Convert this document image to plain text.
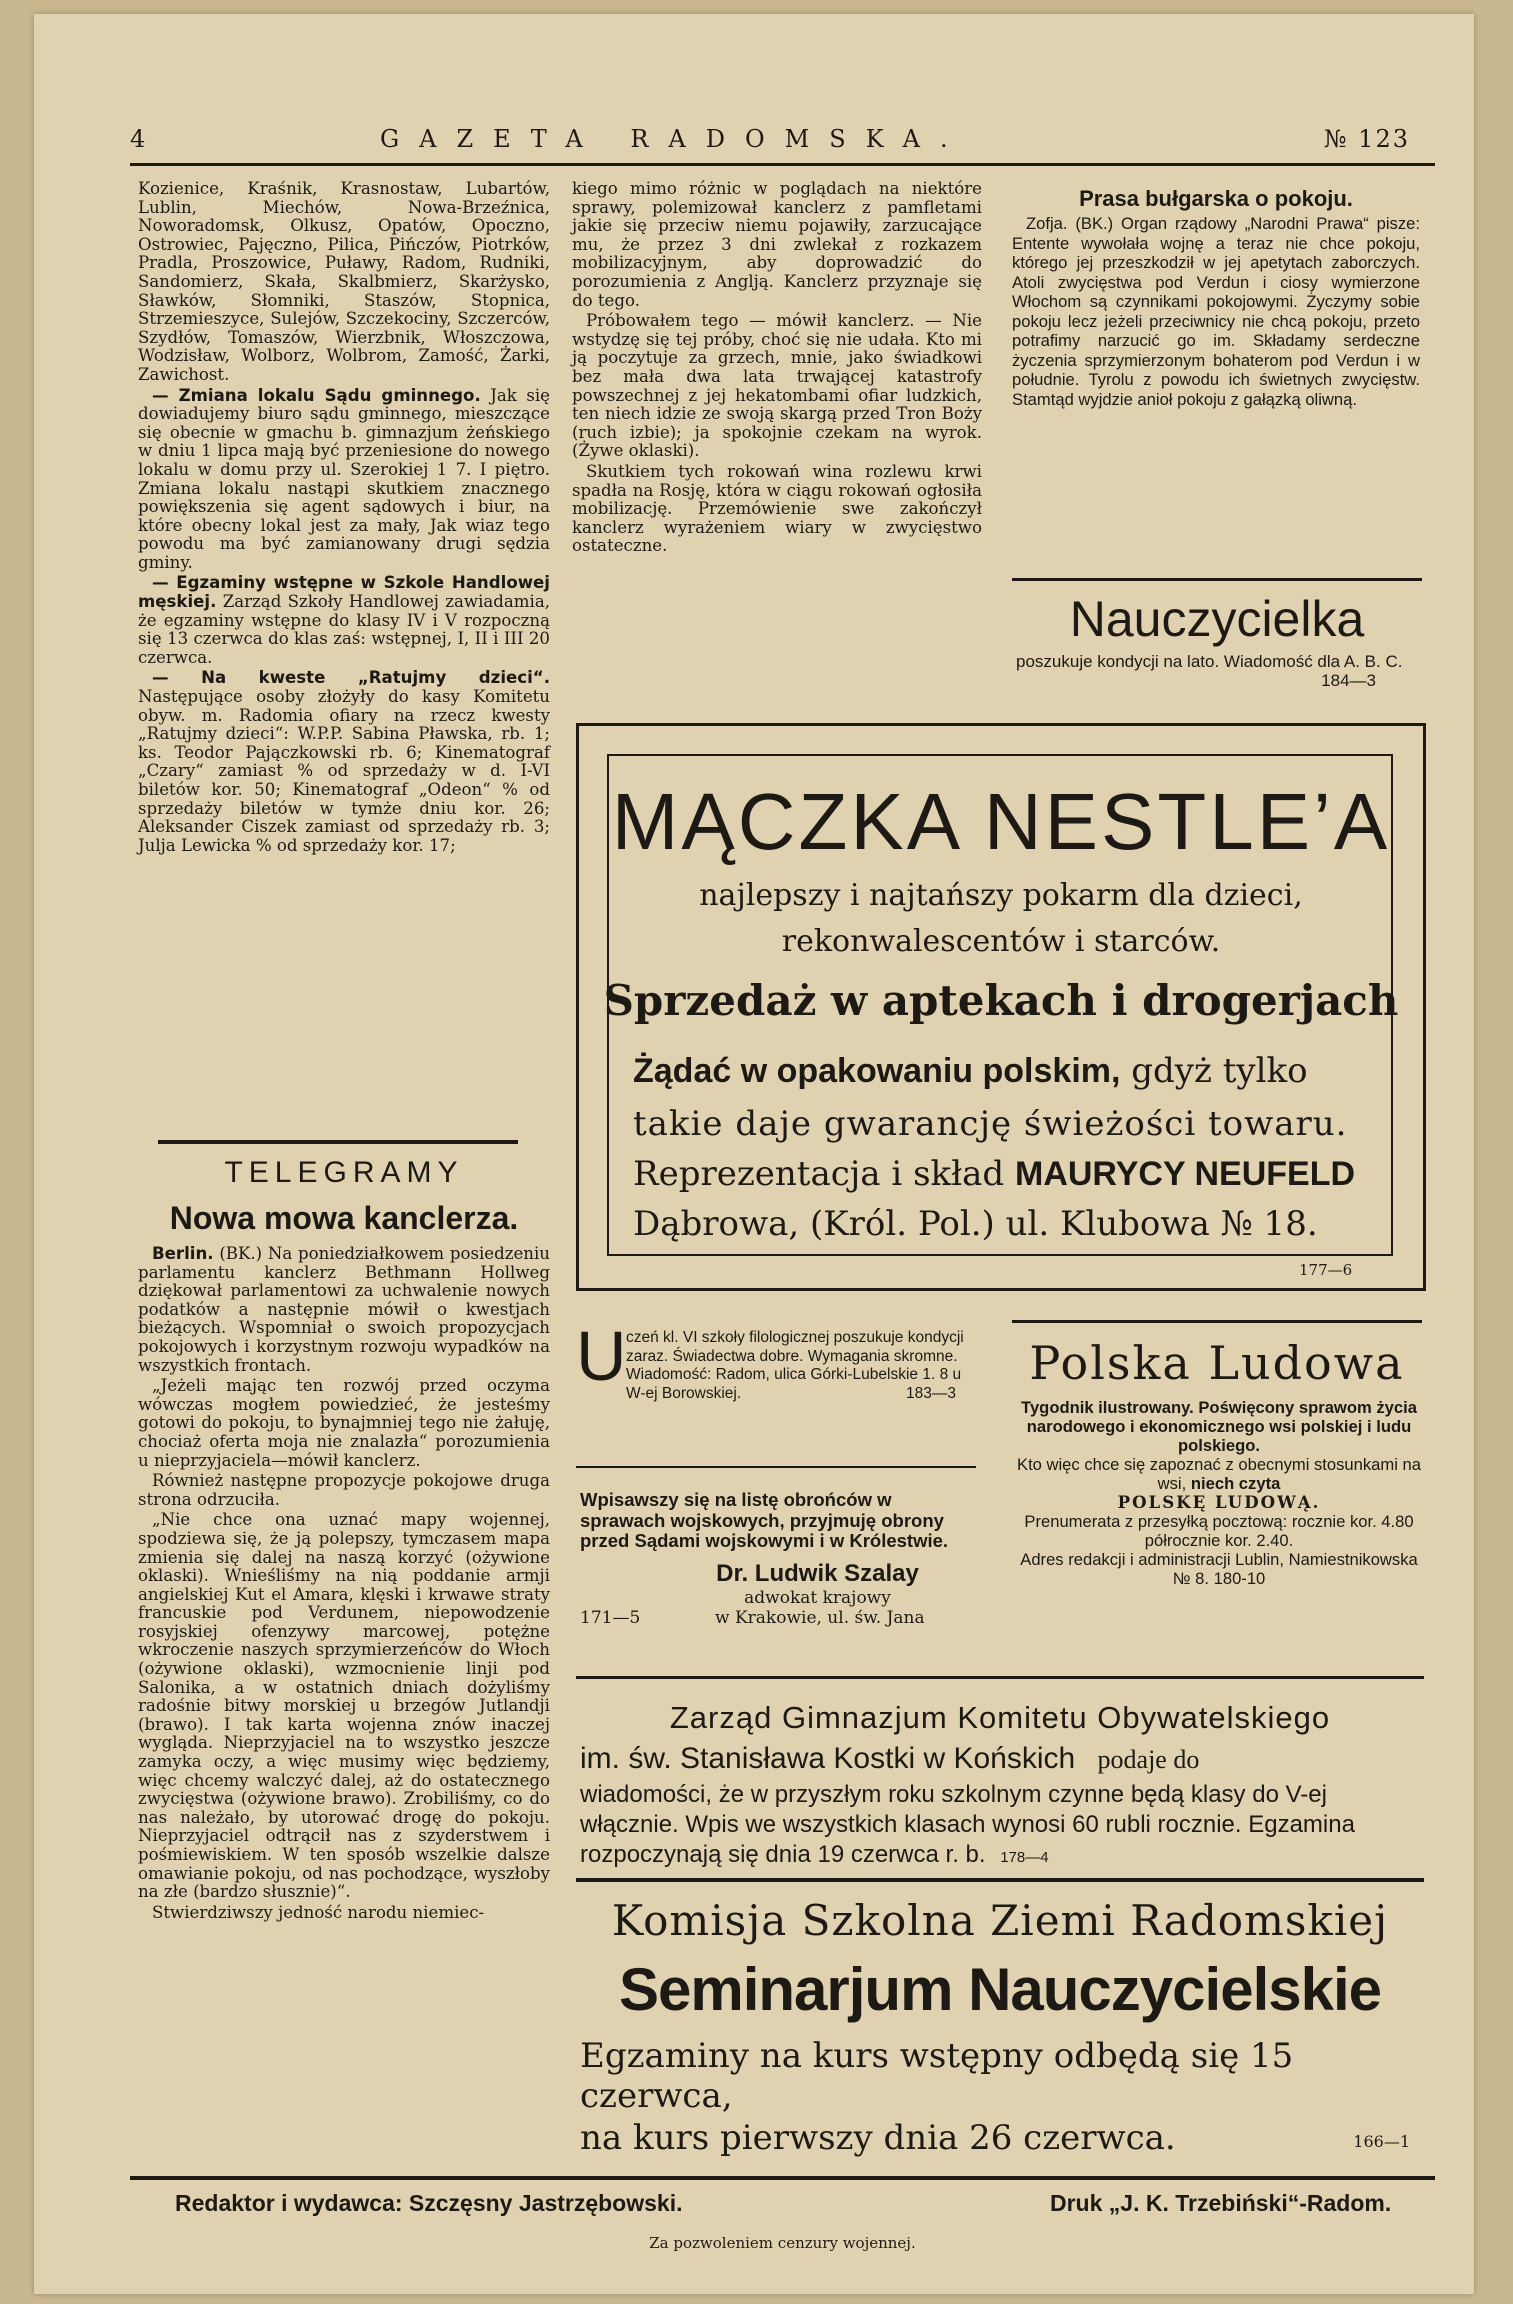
4	GAZETA RADOMSKA.	№ 123

Kozienice, Kraśnik, Krasnostaw, Lubartów, Lublin, Miechów, Nowa-Brzeźnica, Noworadomsk, Olkusz, Opatów, Opoczno, Ostrowiec, Pajęczno, Pilica, Pińczów, Piotrków, Pradla, Proszowice, Puławy, Radom, Rudniki, Sandomierz, Skała, Skalbmierz, Skarżysko, Sławków, Słomniki, Staszów, Stopnica, Strzemieszyce, Sulejów, Szczekociny, Szczerców, Szydłów, Tomaszów, Wierzbnik, Włoszczowa, Wodzisław, Wolborz, Wolbrom, Zamość, Żarki, Zawichost.

— Zmiana lokalu Sądu gminnego. Jak się dowiadujemy biuro sądu gminnego, mieszczące się obecnie w gmachu b. gimnazjum żeńskiego w dniu 1 lipca mają być przeniesione do nowego lokalu w domu przy ul. Szerokiej 1 7. I piętro. Zmiana lokalu nastąpi skutkiem znacznego powiększenia się agent sądowych i biur, na które obecny lokal jest za mały, Jak wiaz tego powodu ma być zamianowany drugi sędzia gminy.

— Egzaminy wstępne w Szkole Handlowej męskiej. Zarząd Szkoły Handlowej zawiadamia, że egzaminy wstępne do klasy IV i V rozpoczną się 13 czerwca do klas zaś: wstępnej, I, II i III 20 czerwca.

— Na kweste „Ratujmy dzieci“. Następujące osoby złożyły do kasy Komitetu obyw. m. Radomia ofiary na rzecz kwesty „Ratujmy dzieci“: W.P.P. Sabina Pławska, rb. 1; ks. Teodor Pajączkowski rb. 6; Kinematograf „Czary“ zamiast % od sprzedaży w d. I-VI biletów kor. 50; Kinematograf „Odeon“ % od sprzedaży biletów w tymże dniu kor. 26; Aleksander Ciszek zamiast od sprzedaży rb. 3; Julja Lewicka % od sprzedaży kor. 17;

TELEGRAMY
Nowa mowa kanclerza.

Berlin. (BK.) Na poniedziałkowem posiedzeniu parlamentu kanclerz Bethmann Hollweg dziękował parlamentowi za uchwalenie nowych podatków a następnie mówił o kwestjach bieżących. Wspomniał o swoich propozycjach pokojowych i korzystnym rozwoju wypadków na wszystkich frontach.

„Jeżeli mając ten rozwój przed oczyma wówczas mogłem powiedzieć, że jesteśmy gotowi do pokoju, to bynajmniej tego nie żałuję, chociaż oferta moja nie znalazła“ porozumienia u nieprzyjaciela—mówił kanclerz.

Również następne propozycje pokojowe druga strona odrzuciła.

„Nie chce ona uznać mapy wojennej, spodziewa się, że ją polepszy, tymczasem mapa zmienia się dalej na naszą korzyć (ożywione oklaski). Wnieśliśmy na nią poddanie armji angielskiej Kut el Amara, klęski i krwawe straty francuskie pod Verdunem, niepowodzenie rosyjskiej ofenzywy marcowej, potężne wkroczenie naszych sprzymierzeńców do Włoch (ożywione oklaski), wzmocnienie linji pod Salonika, a w ostatnich dniach dożyliśmy radośnie bitwy morskiej u brzegów Jutlandji (brawo). I tak karta wojenna znów inaczej wygląda. Nieprzyjaciel na to wszystko jeszcze zamyka oczy, a więc musimy więc będziemy, więc chcemy walczyć dalej, aż do ostatecznego zwycięstwa (ożywione brawo). Zrobiliśmy, co do nas należało, by utorować drogę do pokoju. Nieprzyjaciel odtrącił nas z szyderstwem i pośmiewiskiem. W ten sposób wszelkie dalsze omawianie pokoju, od nas pochodzące, wyszłoby na złe (bardzo słusznie)“.

Stwierdziwszy jedność narodu niemiec-

kiego mimo różnic w poglądach na niektóre sprawy, polemizował kanclerz z pamfletami jakie się przeciw niemu pojawiły, zarzucające mu, że przez 3 dni zwlekał z rozkazem mobilizacyjnym, aby doprowadzić do porozumienia z Anglją. Kanclerz przyznaje się do tego.

Próbowałem tego — mówił kanclerz. — Nie wstydzę się tej próby, choć się nie udała. Kto mi ją poczytuje za grzech, mnie, jako świadkowi bez mała dwa lata trwającej katastrofy powszechnej z jej hekatombami ofiar ludzkich, ten niech idzie ze swoją skargą przed Tron Boży (ruch izbie); ja spokojnie czekam na wyrok. (Żywe oklaski).

Skutkiem tych rokowań wina rozlewu krwi spadła na Rosję, która w ciągu rokowań ogłosiła mobilizację. Przemówienie swe zakończył kanclerz wyrażeniem wiary w zwycięstwo ostateczne.

Prasa bułgarska o pokoju.

Zofja. (BK.) Organ rządowy „Narodni Prawa“ pisze: Entente wywołała wojnę a teraz nie chce pokoju, którego jej przeszkodził w jej apetytach zaborczych. Atoli zwycięstwa pod Verdun i ciosy wymierzone Włochom są czynnikami pokojowymi. Życzymy sobie pokoju lecz jeżeli przeciwnicy nie chcą pokoju, przeto potrafimy narzucić go im. Składamy serdeczne życzenia sprzymierzonym bohaterom pod Verdun i w południe. Tyrolu z powodu ich świetnych zwycięstw. Stamtąd wyjdzie anioł pokoju z gałązką oliwną.

Nauczycielka
poszukuje kondycji na lato. Wiadomość dla A. B. C.
184—3
MĄCZKA NESTLE’A
najlepszy i najtańszy pokarm dla dzieci,
rekonwalescentów i starców.
Sprzedaż w aptekach i drogerjach
Żądać w opakowaniu polskim, gdyż tylko
takie daje gwarancję świeżości towaru.
Reprezentacja i skład MAURYCY NEUFELD
Dąbrowa, (Król. Pol.) ul. Klubowa № 18.
177—6
U czeń kl. VI szkoły filologicznej poszukuje kondycji zaraz. Świadectwa dobre. Wymagania skromne. Wiadomość: Radom, ulica Górki-Lubelskie 1. 8 u W-ej Borowskiej.	183—3
Wpisawszy się na listę obrońców w sprawach wojskowych, przyjmuję obrony przed Sądami wojskowymi i w Królestwie.
Dr. Ludwik Szalay
adwokat krajowy
171—5	w Krakowie, ul. św. Jana
Polska Ludowa
Tygodnik ilustrowany. Poświęcony sprawom życia narodowego i ekonomicznego wsi polskiej i ludu polskiego.
Kto więc chce się zapoznać z obecnymi stosunkami na wsi, niech czyta
POLSKĘ LUDOWĄ.
Prenumerata z przesyłką pocztową: rocznie kor. 4.80 półrocznie kor. 2.40.
Adres redakcji i administracji Lublin, Namiestnikowska № 8. 180-10
Zarząd Gimnazjum Komitetu Obywatelskiego
im. św. Stanisława Kostki w Końskich podaje do
wiadomości, że w przyszłym roku szkolnym czynne będą klasy do V-ej włącznie. Wpis we wszystkich klasach wynosi 60 rubli rocznie. Egzamina rozpoczynają się dnia 19 czerwca r. b. 178—4
Komisja Szkolna Ziemi Radomskiej
Seminarjum Nauczycielskie
Egzaminy na kurs wstępny odbędą się 15 czerwca,
na kurs pierwszy dnia 26 czerwca.	166—1
Redaktor i wydawca: Szczęsny Jastrzębowski.	Druk „J. K. Trzebiński“-Radom.
Za pozwoleniem cenzury wojennej.
